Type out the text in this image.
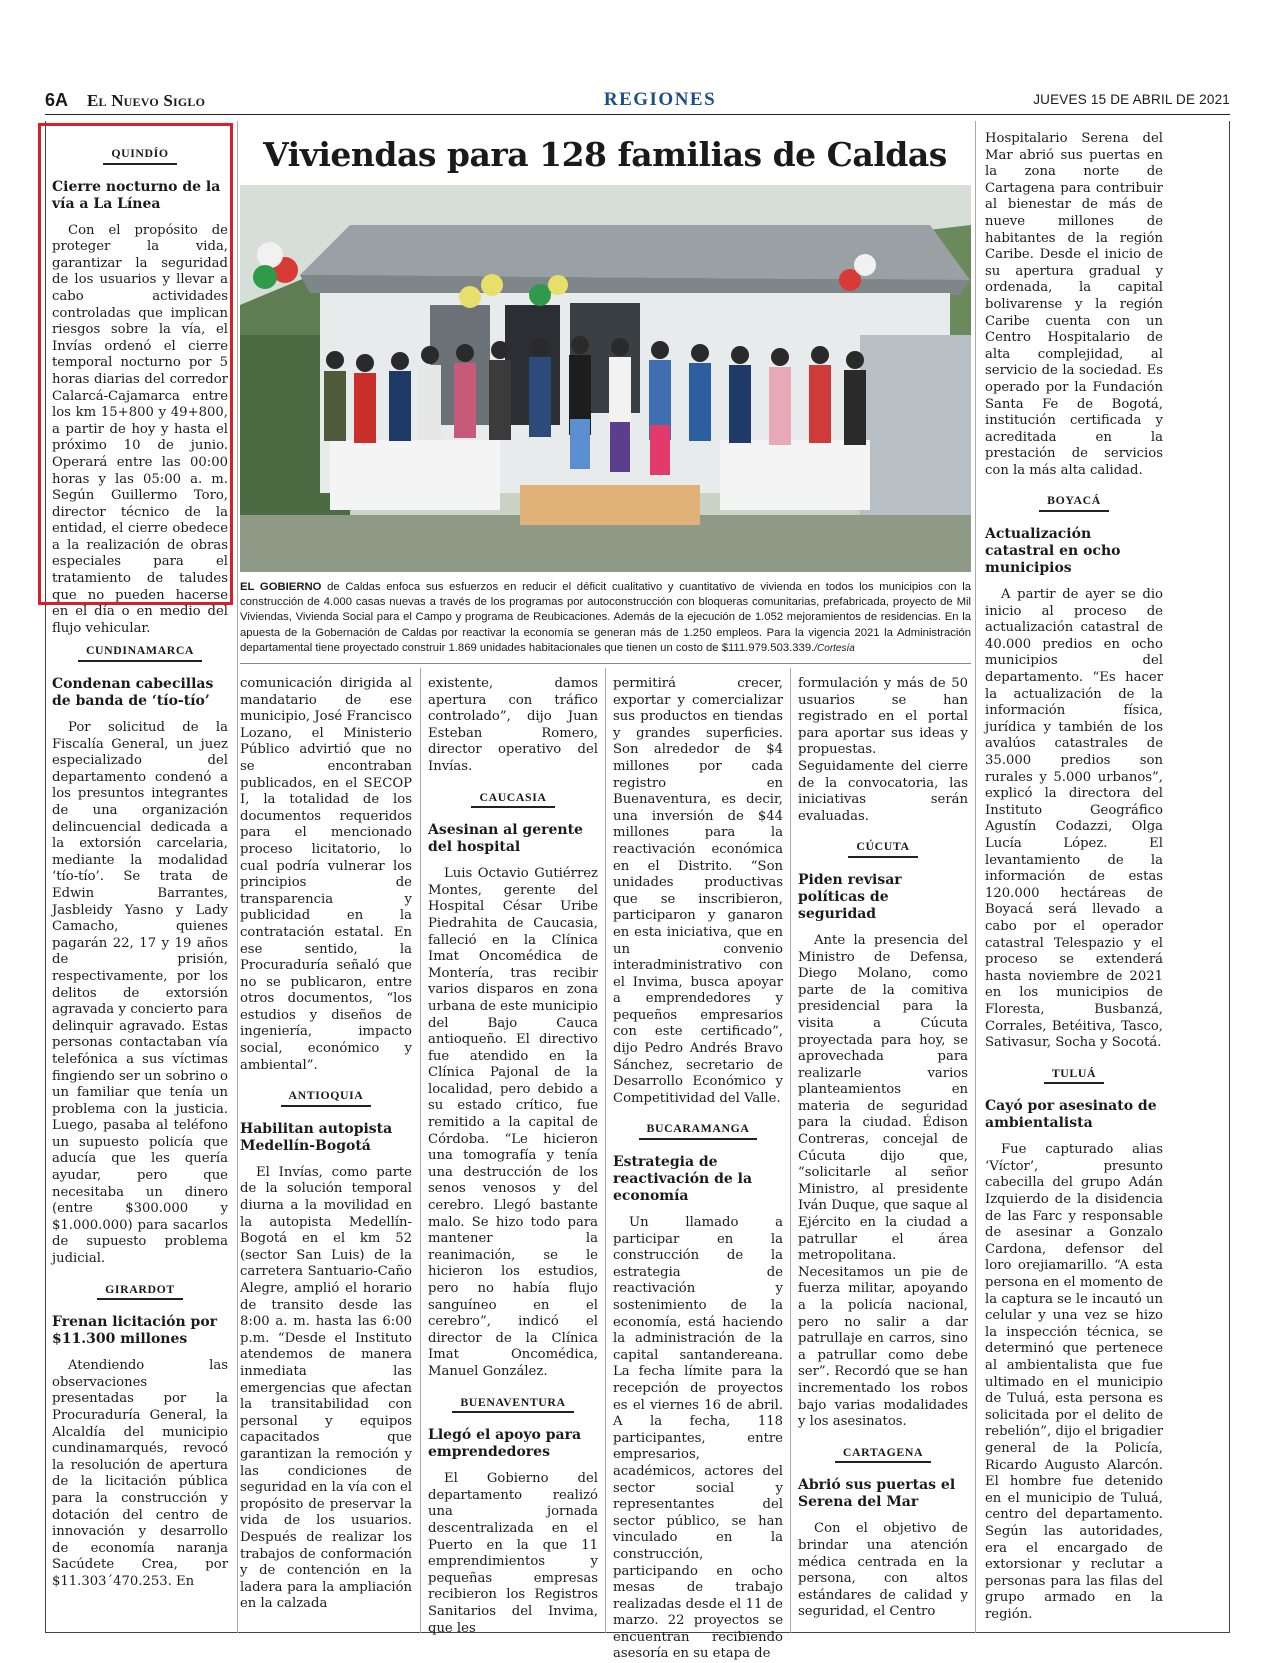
6A El Nuevo Siglo	REGIONES	JUEVES 15 DE ABRIL DE 2021
QUINDÍO
Cierre nocturno de la vía a La Línea

Con el propósito de proteger la vida, garantizar la seguridad de los usuarios y llevar a cabo actividades controladas que implican riesgos sobre la vía, el Invías ordenó el cierre temporal nocturno por 5 horas diarias del corredor Calarcá-Cajamarca entre los km 15+800 y 49+800, a partir de hoy y hasta el próximo 10 de junio. Operará entre las 00:00 horas y las 05:00 a. m. Según Guillermo Toro, director técnico de la entidad, el cierre obedece a la realización de obras especiales para el tratamiento de taludes que no pueden hacerse en el día o en medio del flujo vehicular.

CUNDINAMARCA
Condenan cabecillas de banda de ‘tío-tío’

Por solicitud de la Fiscalía General, un juez especializado del departamento condenó a los presuntos integrantes de una organización delincuencial dedicada a la extorsión carcelaria, mediante la modalidad ‘tío-tío’. Se trata de Edwin Barrantes, Jasbleidy Yasno y Lady Camacho, quienes pagarán 22, 17 y 19 años de prisión, respectivamente, por los delitos de extorsión agravada y concierto para delinquir agravado. Estas personas contactaban vía telefónica a sus víctimas fingiendo ser un sobrino o un familiar que tenía un problema con la justicia. Luego, pasaba al teléfono un supuesto policía que aducía que les quería ayudar, pero que necesitaba un dinero (entre $300.000 y $1.000.000) para sacarlos de supuesto problema judicial.

GIRARDOT
Frenan licitación por $11.300 millones

Atendiendo las observaciones presentadas por la Procuraduría General, la Alcaldía del municipio cundinamarqués, revocó la resolución de apertura de la licitación pública para la construcción y dotación del centro de innovación y desarrollo de economía naranja Sacúdete Crea, por $11.303´470.253. En

Viviendas para 128 familias de Caldas
EL GOBIERNO de Caldas enfoca sus esfuerzos en reducir el déficit cualitativo y cuantitativo de vivienda en todos los municipios con la construcción de 4.000 casas nuevas a través de los programas por autoconstrucción con bloqueras comunitarias, prefabricada, proyecto de Mil Viviendas, Vivienda Social para el Campo y programa de Reubicaciones. Además de la ejecución de 1.052 mejoramientos de residencias. En la apuesta de la Gobernación de Caldas por reactivar la economía se generan más de 1.250 empleos. Para la vigencia 2021 la Administración departamental tiene proyectado construir 1.869 unidades habitacionales que tienen un costo de $111.979.503.339./Cortesía

comunicación dirigida al mandatario de ese municipio, José Francisco Lozano, el Ministerio Público advirtió que no se encontraban publicados, en el SECOP I, la totalidad de los documentos requeridos para el mencionado proceso licitatorio, lo cual podría vulnerar los principios de transparencia y publicidad en la contratación estatal. En ese sentido, la Procuraduría señaló que no se publicaron, entre otros documentos, “los estudios y diseños de ingeniería, impacto social, económico y ambiental”.

ANTIOQUIA
Habilitan autopista Medellín-Bogotá

El Invías, como parte de la solución temporal diurna a la movilidad en la autopista Medellín-Bogotá en el km 52 (sector San Luis) de la carretera Santuario-Caño Alegre, amplió el horario de transito desde las 8:00 a. m. hasta las 6:00 p.m. “Desde el Instituto atendemos de manera inmediata las emergencias que afectan la transitabilidad con personal y equipos capacitados que garantizan la remoción y las condiciones de seguridad en la vía con el propósito de preservar la vida de los usuarios. Después de realizar los trabajos de conformación y de contención en la ladera para la ampliación en la calzada

existente, damos apertura con tráfico controlado”, dijo Juan Esteban Romero, director operativo del Invías.

CAUCASIA
Asesinan al gerente del hospital

Luis Octavio Gutiérrez Montes, gerente del Hospital César Uribe Piedrahita de Caucasia, falleció en la Clínica Imat Oncomédica de Montería, tras recibir varios disparos en zona urbana de este municipio del Bajo Cauca antioqueño. El directivo fue atendido en la Clínica Pajonal de la localidad, pero debido a su estado crítico, fue remitido a la capital de Córdoba. “Le hicieron una tomografía y tenía una destrucción de los senos venosos y del cerebro. Llegó bastante malo. Se hizo todo para mantener la reanimación, se le hicieron los estudios, pero no había flujo sanguíneo en el cerebro”, indicó el director de la Clínica Imat Oncomédica, Manuel González.

BUENAVENTURA
Llegó el apoyo para emprendedores

El Gobierno del departamento realizó una jornada descentralizada en el Puerto en la que 11 emprendimientos y pequeñas empresas recibieron los Registros Sanitarios del Invima, que les

permitirá crecer, exportar y comercializar sus productos en tiendas y grandes superficies. Son alrededor de $4 millones por cada registro en Buenaventura, es decir, una inversión de $44 millones para la reactivación económica en el Distrito. “Son unidades productivas que se inscribieron, participaron y ganaron en esta iniciativa, que en un convenio interadministrativo con el Invima, busca apoyar a emprendedores y pequeños empresarios con este certificado”, dijo Pedro Andrés Bravo Sánchez, secretario de Desarrollo Económico y Competitividad del Valle.

BUCARAMANGA
Estrategia de reactivación de la economía

Un llamado a participar en la construcción de la estrategia de reactivación y sostenimiento de la economía, está haciendo la administración de la capital santandereana. La fecha límite para la recepción de proyectos es el viernes 16 de abril. A la fecha, 118 participantes, entre empresarios, académicos, actores del sector social y representantes del sector público, se han vinculado en la construcción, participando en ocho mesas de trabajo realizadas desde el 11 de marzo. 22 proyectos se encuentran recibiendo asesoría en su etapa de

formulación y más de 50 usuarios se han registrado en el portal para aportar sus ideas y propuestas. Seguidamente del cierre de la convocatoria, las iniciativas serán evaluadas.

CÚCUTA
Piden revisar políticas de seguridad

Ante la presencia del Ministro de Defensa, Diego Molano, como parte de la comitiva presidencial para la visita a Cúcuta proyectada para hoy, se aprovechada para realizarle varios planteamientos en materia de seguridad para la ciudad. Édison Contreras, concejal de Cúcuta dijo que, “solicitarle al señor Ministro, al presidente Iván Duque, que saque al Ejército en la ciudad a patrullar el área metropolitana. Necesitamos un pie de fuerza militar, apoyando a la policía nacional, pero no salir a dar patrullaje en carros, sino a patrullar como debe ser”. Recordó que se han incrementado los robos bajo varias modalidades y los asesinatos.

CARTAGENA
Abrió sus puertas el Serena del Mar

Con el objetivo de brindar una atención médica centrada en la persona, con altos estándares de calidad y seguridad, el Centro

Hospitalario Serena del Mar abrió sus puertas en la zona norte de Cartagena para contribuir al bienestar de más de nueve millones de habitantes de la región Caribe. Desde el inicio de su apertura gradual y ordenada, la capital bolivarense y la región Caribe cuenta con un Centro Hospitalario de alta complejidad, al servicio de la sociedad. Es operado por la Fundación Santa Fe de Bogotá, institución certificada y acreditada en la prestación de servicios con la más alta calidad.

BOYACÁ
Actualización catastral en ocho municipios

A partir de ayer se dio inicio al proceso de actualización catastral de 40.000 predios en ocho municipios del departamento. “Es hacer la actualización de la información física, jurídica y también de los avalúos catastrales de 35.000 predios son rurales y 5.000 urbanos”, explicó la directora del Instituto Geográfico Agustín Codazzi, Olga Lucía López. El levantamiento de la información de estas 120.000 hectáreas de Boyacá será llevado a cabo por el operador catastral Telespazio y el proceso se extenderá hasta noviembre de 2021 en los municipios de Floresta, Busbanzá, Corrales, Betéitiva, Tasco, Sativasur, Socha y Socotá.

TULUÁ
Cayó por asesinato de ambientalista

Fue capturado alias ‘Víctor’, presunto cabecilla del grupo Adán Izquierdo de la disidencia de las Farc y responsable de asesinar a Gonzalo Cardona, defensor del loro orejiamarillo. “A esta persona en el momento de la captura se le incautó un celular y una vez se hizo la inspección técnica, se determinó que pertenece al ambientalista que fue ultimado en el municipio de Tuluá, esta persona es solicitada por el delito de rebelión”, dijo el brigadier general de la Policía, Ricardo Augusto Alarcón. El hombre fue detenido en el municipio de Tuluá, centro del departamento. Según las autoridades, era el encargado de extorsionar y reclutar a personas para las filas del grupo armado en la región.
